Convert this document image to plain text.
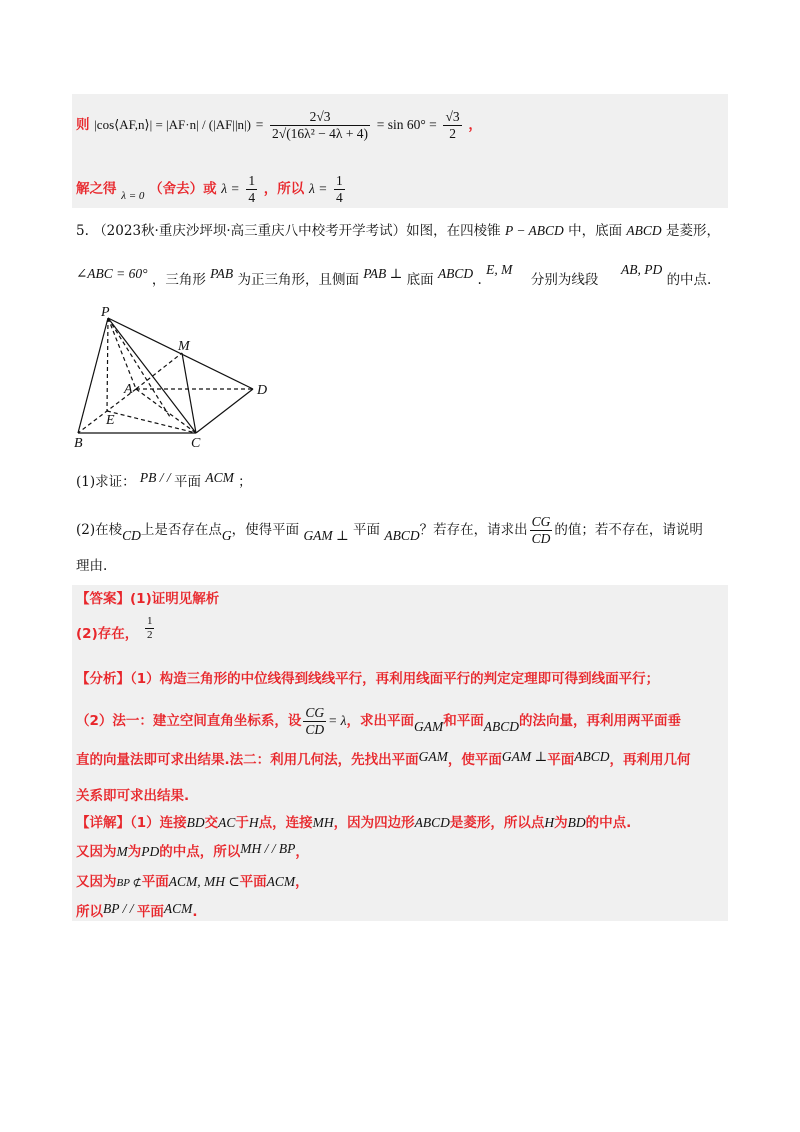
则 |cos⟨AF,n⟩| = $|AF\cdot n| / (|AF||n|) = \frac{2√3}{\text{2√(16λ² − 4λ + 4)}} = \sin 60^\circ = \frac{√3}{2}$ ，
解之得 $_{\lambda = 0}$ （舍去）或 $\lambda = \frac{1}{4}$ ，所以 $\lambda = \frac{1}{4}$
5. （2023秋·重庆沙坪坝·高三重庆八中校考开学考试）如图，在四棱锥 P − ABCD 中，底面 ABCD 是菱形，
∠ABC = 60° ，三角形 PAB 为正三角形，且侧面 PAB ⊥ 底面 ABCD . E, M  分别为线段  AB, PD 的中点.
P
M
A	D
E
B	C
(1)求证： PB / / 平面 ACM ；
(2)在棱CD上是否存在点G，使得平面 GAM ⊥ 平面 ABCD？若存在，请求出 $\frac{CG}{CD}$ 的值；若不存在，请说明
理由.
【答案】(1)证明见解析
(2)存在， $\frac{1}{2}$
【分析】（1）构造三角形的中位线得到线线平行，再利用线面平行的判定定理即可得到线面平行；
（2）法一：建立空间直角坐标系，设 $\frac{CG}{CD} = \lambda$，求出平面GAM和平面ABCD的法向量，再利用两平面垂
直的向量法即可求出结果.法二：利用几何法，先找出平面GAM，使平面GAM ⊥平面ABCD，再利用几何
关系即可求出结果.
【详解】（1）连接BD交AC于H点，连接MH，因为四边形ABCD是菱形，所以点H为BD的中点.
又因为M为PD的中点，所以MH / / BP，
又因为BP ⊄平面ACM, MH ⊂平面ACM，
所以BP / / 平面ACM.
